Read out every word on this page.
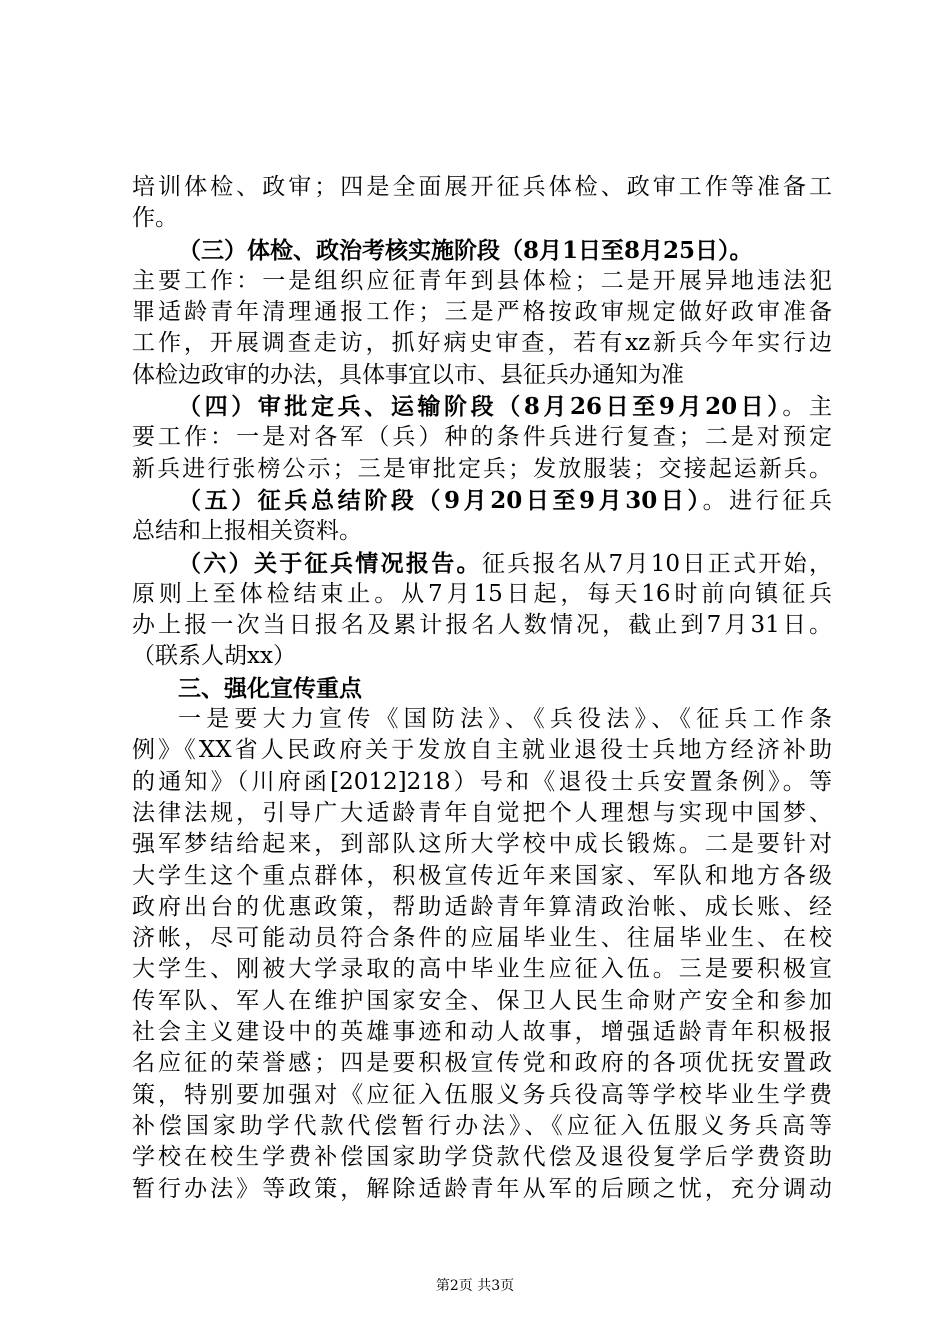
培训体检、政审；四是全面展开征兵体检、政审工作等准备工
作。
（三）体检、政治考核实施阶段（8月1日至8月25日）。
主要工作：一是组织应征青年到县体检；二是开展异地违法犯
罪适龄青年清理通报工作；三是严格按政审规定做好政审准备
工作，开展调查走访，抓好病史审查，若有xz新兵今年实行边
体检边政审的办法，具体事宜以市、县征兵办通知为准
（四）审批定兵、运输阶段（8月26日至9月20日）。主
要工作：一是对各军（兵）种的条件兵进行复查；二是对预定
新兵进行张榜公示；三是审批定兵；发放服装；交接起运新兵。
（五）征兵总结阶段（9月20日至9月30日）。进行征兵
总结和上报相关资料。
（六）关于征兵情况报告。征兵报名从7月10日正式开始，
原则上至体检结束止。从7月15日起，每天16时前向镇征兵
办上报一次当日报名及累计报名人数情况，截止到7月31日。
（联系人胡xx）
三、强化宣传重点
一是要大力宣传《国防法》、《兵役法》、《征兵工作条
例》《XX省人民政府关于发放自主就业退役士兵地方经济补助
的通知》（川府函[2012]218）号和《退役士兵安置条例》。等
法律法规，引导广大适龄青年自觉把个人理想与实现中国梦、
强军梦结给起来，到部队这所大学校中成长锻炼。二是要针对
大学生这个重点群体，积极宣传近年来国家、军队和地方各级
政府出台的优惠政策，帮助适龄青年算清政治帐、成长账、经
济帐，尽可能动员符合条件的应届毕业生、往届毕业生、在校
大学生、刚被大学录取的高中毕业生应征入伍。三是要积极宣
传军队、军人在维护国家安全、保卫人民生命财产安全和参加
社会主义建设中的英雄事迹和动人故事，增强适龄青年积极报
名应征的荣誉感；四是要积极宣传党和政府的各项优抚安置政
策，特别要加强对《应征入伍服义务兵役高等学校毕业生学费
补偿国家助学代款代偿暂行办法》、《应征入伍服义务兵高等
学校在校生学费补偿国家助学贷款代偿及退役复学后学费资助
暂行办法》等政策，解除适龄青年从军的后顾之忧，充分调动
第2页 共3页
